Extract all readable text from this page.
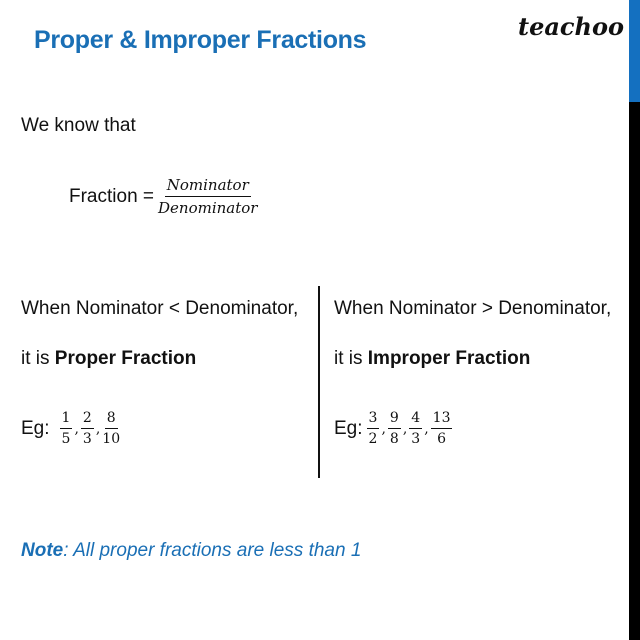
Proper & Improper Fractions	teachoo
We know that
Fraction = $\frac{\text{Nominator}}{\text{Denominator}}$
When Nominator < Denominator,
it is Proper Fraction
Eg: $\frac{1}{5}$ , $\frac{2}{3}$ , $\frac{8}{10}$
When Nominator > Denominator,
it is Improper Fraction
Eg: $\frac{3}{2}$ , $\frac{9}{8}$ , $\frac{4}{3}$ , $\frac{13}{6}$
Note: All proper fractions are less than 1
